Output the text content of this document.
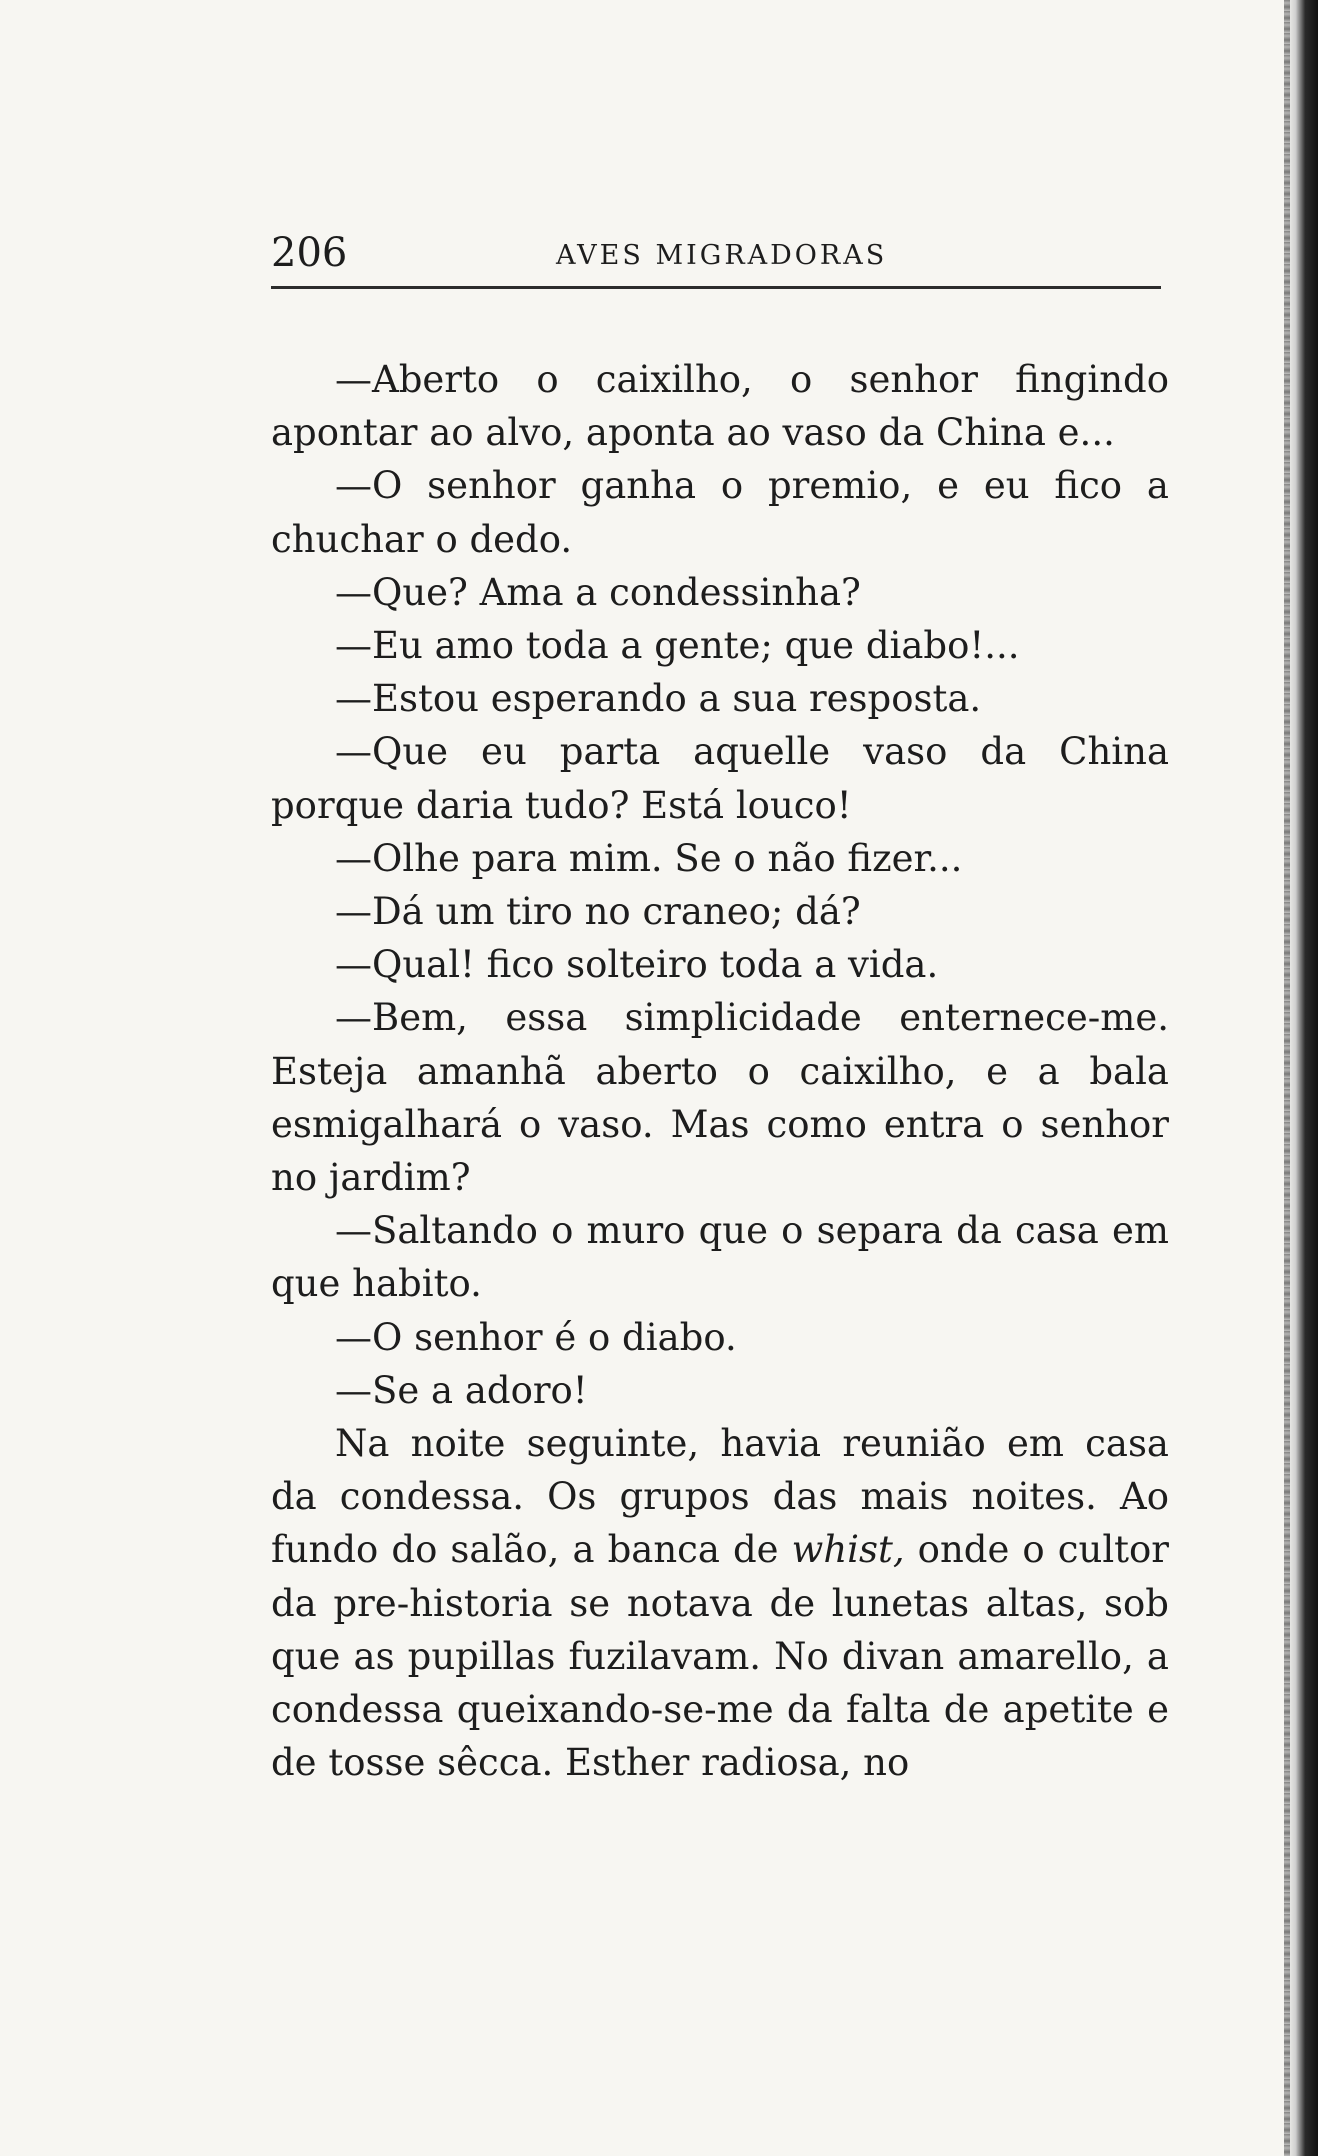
206	AVES MIGRADORAS

—Aberto o caixilho, o senhor fingindo apontar ao alvo, aponta ao vaso da China e...

—O senhor ganha o premio, e eu fico a chuchar o dedo.

—Que? Ama a condessinha?

—Eu amo toda a gente; que diabo!...

—Estou esperando a sua resposta.

—Que eu parta aquelle vaso da China porque daria tudo? Está louco!

—Olhe para mim. Se o não fizer...

—Dá um tiro no craneo; dá?

—Qual! fico solteiro toda a vida.

—Bem, essa simplicidade enternece-me. Esteja amanhã aberto o caixilho, e a bala esmigalhará o vaso. Mas como entra o senhor no jardim?

—Saltando o muro que o separa da casa em que habito.

—O senhor é o diabo.

—Se a adoro!

Na noite seguinte, havia reunião em casa da condessa. Os grupos das mais noites. Ao fundo do salão, a banca de whist, onde o cultor da pre-historia se notava de lunetas altas, sob que as pupillas fuzilavam. No divan amarello, a condessa queixando-se-me da falta de apetite e de tosse sêcca. Esther radiosa, no
